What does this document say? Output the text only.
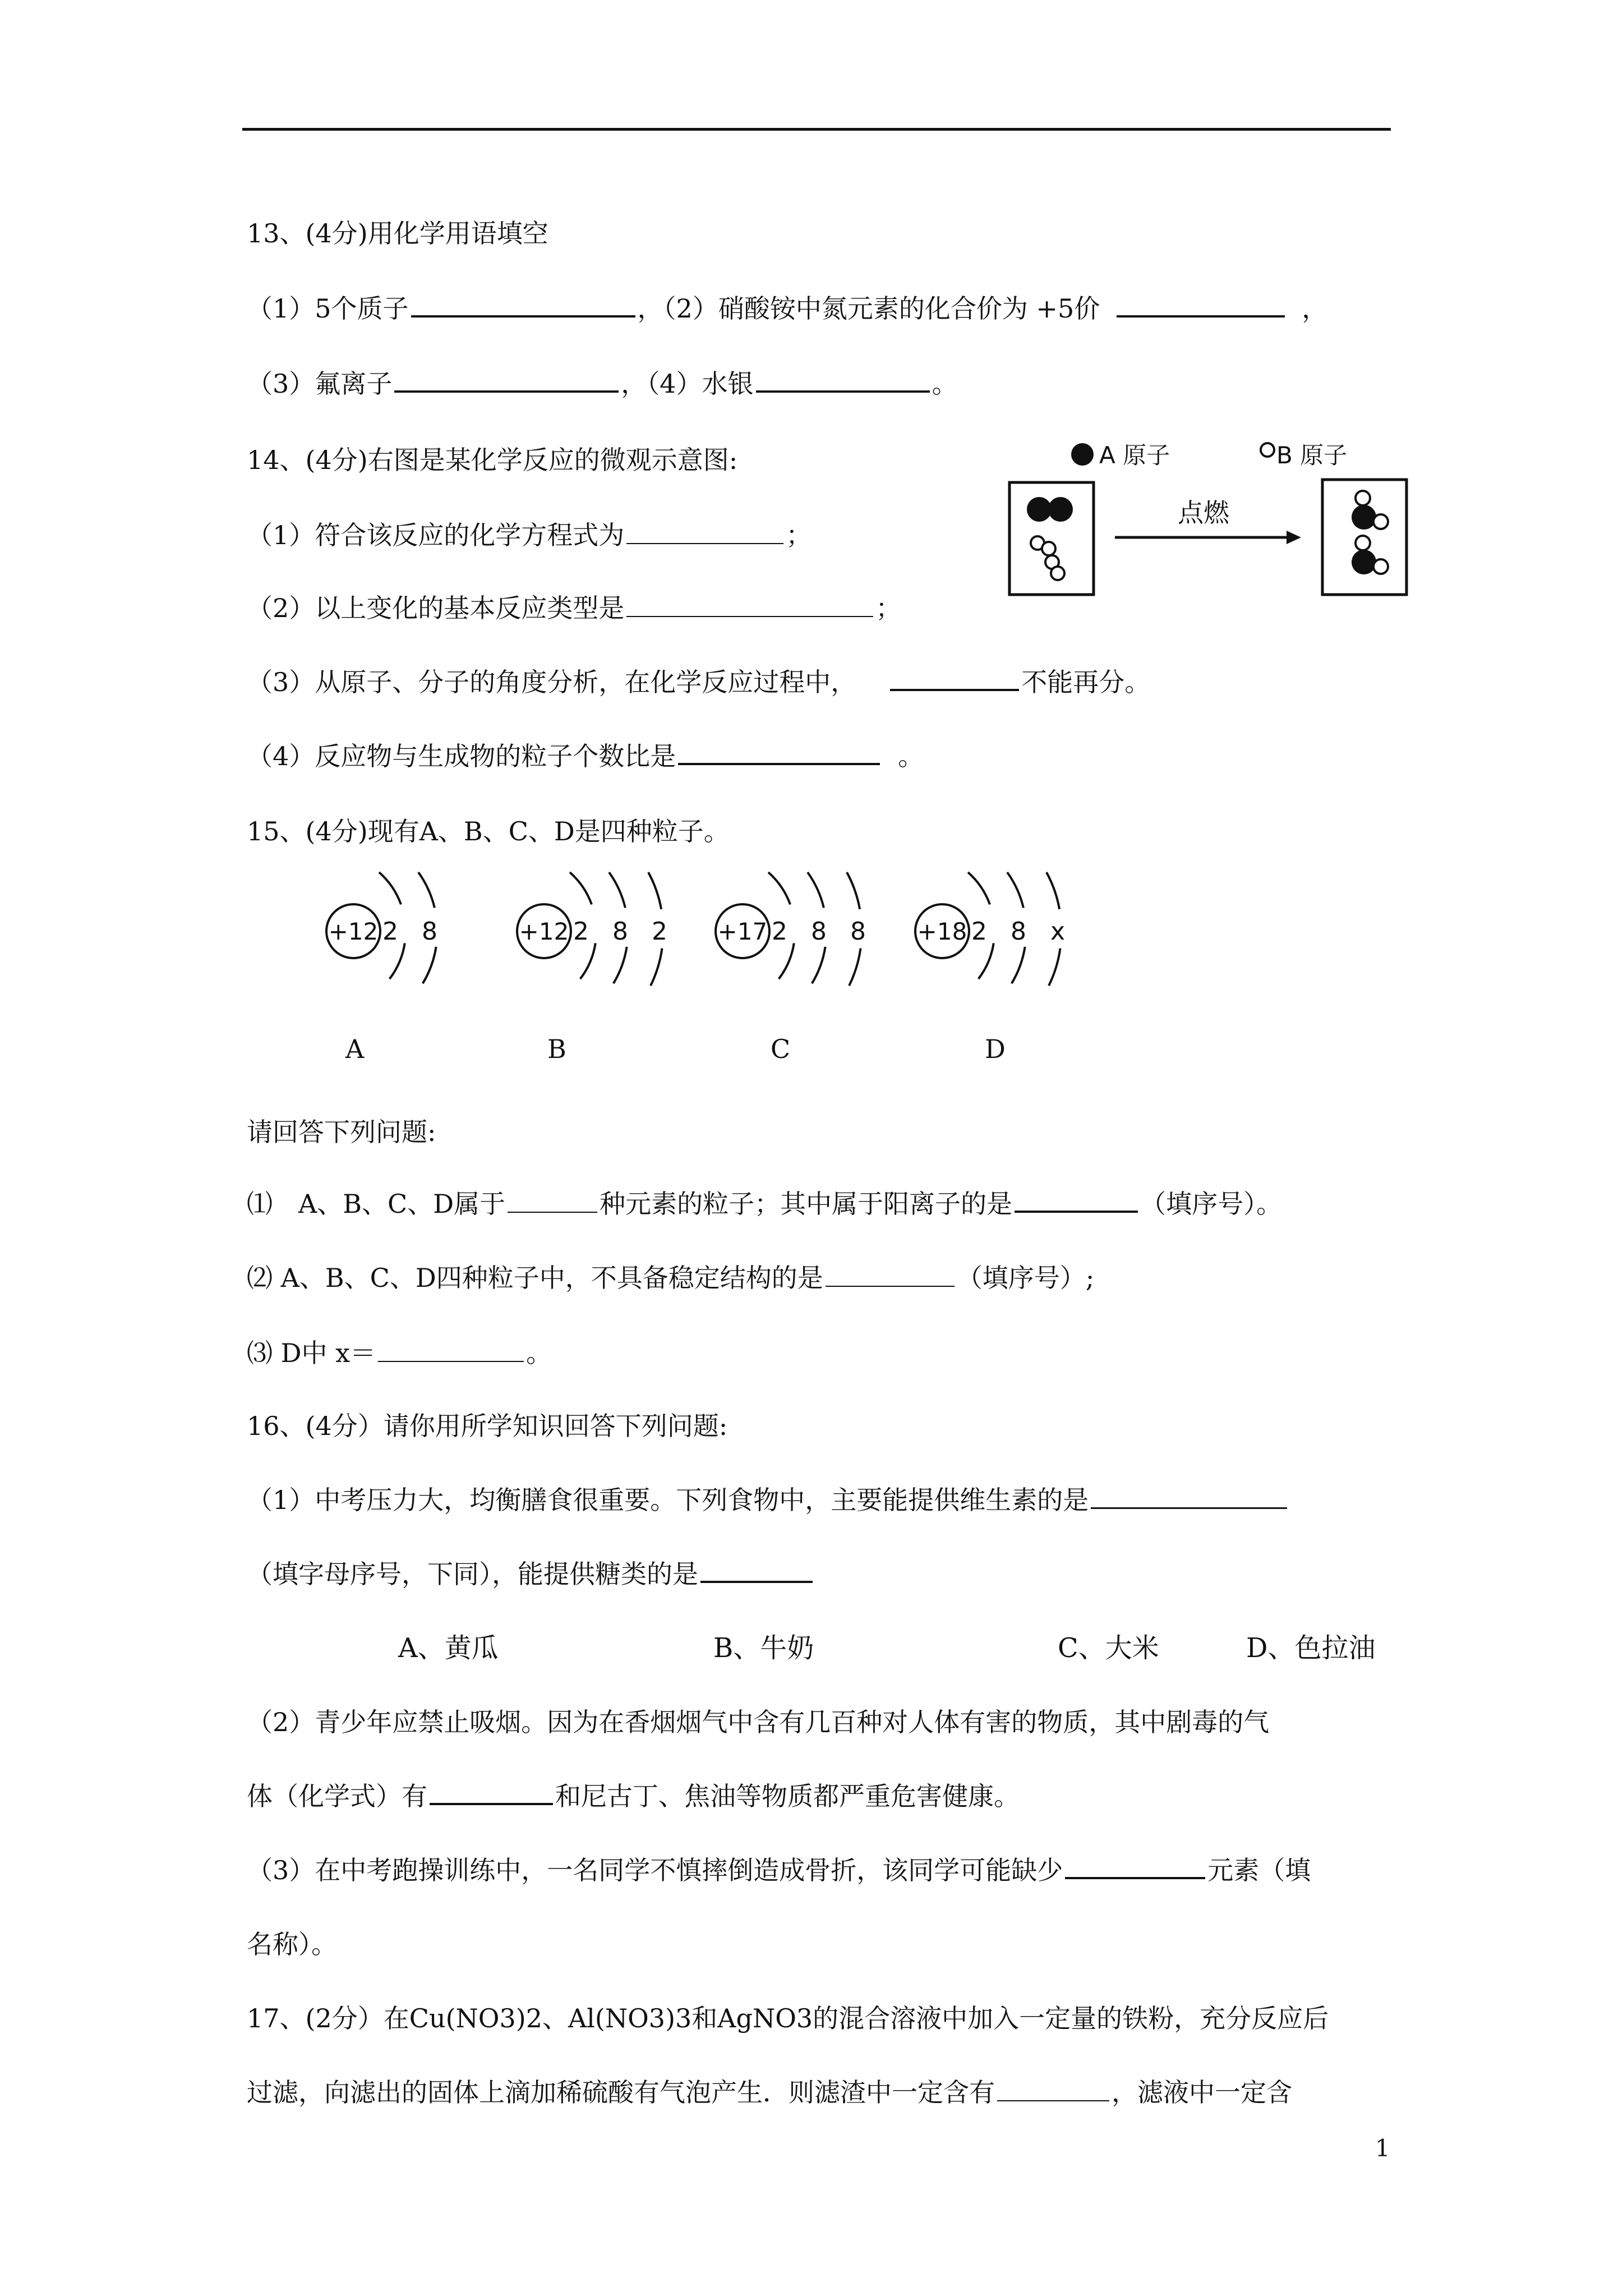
13、(4分)用化学用语填空
（1）5个质子	，（2）硝酸铵中氮元素的化合价为 +5价	，
（3）氟离子	，（4）水银	。
14、(4分)右图是某化学反应的微观示意图:
（1）符合该反应的化学方程式为	；
（2）以上变化的基本反应类型是	；
（3）从原子、分子的角度分析，在化学反应过程中，	不能再分。
（4）反应物与生成物的粒子个数比是	。
A 原子	B 原子
点燃
15、(4分)现有A、B、C、D是四种粒子。
+12 2 8	+12 2 8 2 +17 2 8 8 +18 2 8 x
A	B	C	D
请回答下列问题:
⑴　A、B、C、D属于	种元素的粒子；其中属于阳离子的是	（填序号）。
⑵ A、B、C、D四种粒子中，不具备稳定结构的是	（填序号）;
⑶ D中 x＝	。
16、(4分）请你用所学知识回答下列问题:
（1）中考压力大，均衡膳食很重要。下列食物中，主要能提供维生素的是
（填字母序号，下同），能提供糖类的是
A、黄瓜	B、牛奶	C、大米	D、色拉油
（2）青少年应禁止吸烟。因为在香烟烟气中含有几百种对人体有害的物质，其中剧毒的气
体（化学式）有	和尼古丁、焦油等物质都严重危害健康。
（3）在中考跑操训练中，一名同学不慎摔倒造成骨折，该同学可能缺少	元素（填
名称）。
17、(2分）在Cu(NO3)2、Al(NO3)3和AgNO3的混合溶液中加入一定量的铁粉，充分反应后
过滤，向滤出的固体上滴加稀硫酸有气泡产生．则滤渣中一定含有	，滤液中一定含
1
